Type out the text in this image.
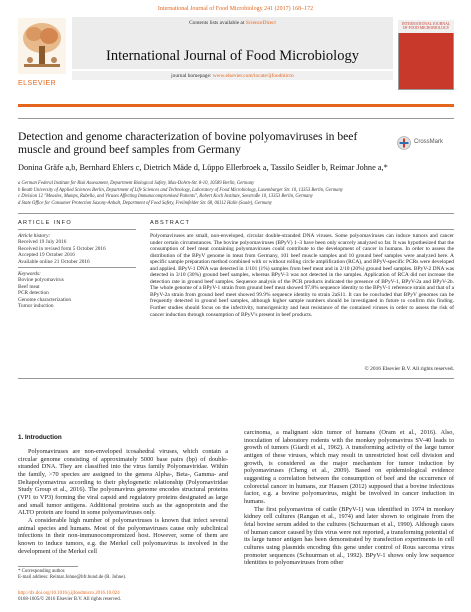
International Journal of Food Microbiology 241 (2017) 168–172
Contents lists available at ScienceDirect
International Journal of Food Microbiology
journal homepage: www.elsevier.com/locate/ijfoodmicro
ELSEVIER
INTERNATIONAL JOURNAL OF FOOD MICROBIOLOGY
Detection and genome characterization of bovine polyomaviruses in beef muscle and ground beef samples from Germany
CrossMark
Donina Gräfe a,b, Bernhard Ehlers c, Dietrich Mäde d, Lüppo Ellerbroek a, Tassilo Seidler b, Reimar Johne a,*
a German Federal Institute for Risk Assessment, Department Biological Safety, Max-Dohrn-Str. 8-10, 10589 Berlin, Germany
b Beuth University of Applied Sciences Berlin, Department of Life Sciences and Technology, Laboratory of Food Microbiology, Luxemburger Str. 10, 13353 Berlin, Germany
c Division 12 "Measles, Mumps, Rubella, and Viruses Affecting Immunocompromised Patients", Robert Koch Institute, Seestraße 10, 13353 Berlin, Germany
d State Office for Consumer Protection Saxony-Anhalt, Department of Food Safety, Freiimfelder Str. 68, 06112 Halle (Saale), Germany
ARTICLE INFO
Article history:
Received 19 July 2016
Received in revised form 5 October 2016
Accepted 19 October 2016
Available online 21 October 2016
Keywords:
Bovine polyomavirus
Beef meat
PCR detection
Genome characterization
Tumor induction
ABSTRACT
Polyomaviruses are small, non-enveloped, circular double-stranded DNA viruses. Some polyomaviruses can induce tumors and cancer under certain circumstances. The bovine polyomaviruses (BPyV) 1–3 have been only scarcely analyzed so far. It was hypothesized that the consumption of beef meat containing polyomaviruses could contribute to the development of cancer in humans. In order to assess the distribution of the BPyV genome in meat from Germany, 101 beef muscle samples and 10 ground beef samples were analyzed here. A specific sample preparation method combined with or without rolling circle amplification (RCA), and BPyV-specific PCRs were developed and applied. BPyV-1 DNA was detected in 1/101 (1%) samples from beef meat and in 2/10 (20%) ground beef samples. BPyV-2 DNA was detected in 3/10 (30%) ground beef samples, whereas BPyV-3 was not detected in the samples. Application of RCA did not increase the detection rate in ground beef samples. Sequence analysis of the PCR products indicated the presence of BPyV-1, BPyV-2a and BPyV-2b. The whole genome of a BPyV-1 strain from ground beef meat showed 97.8% sequence identity to the BPyV-1 reference strain and that of a BPyV-2a strain from ground beef meet showed 99.9% sequence identity to strain 2aS11. It can be concluded that BPyV genomes can be frequently detected in ground beef samples, although higher sample numbers should be investigated in future to confirm this finding. Further studies should focus on the infectivity, tumorigenicity and heat resistance of the contained viruses in order to assess the risk of cancer induction through consumption of BPyV's present in beef products.
© 2016 Elsevier B.V. All rights reserved.
1. Introduction

Polyomaviruses are non-enveloped icosahedral viruses, which contain a circular genome consisting of approximately 5000 base pairs (bp) of double-stranded DNA. They are classified into the virus family Polyomaviridae. Within the family, >70 species are assigned to the genera Alpha-, Beta-, Gamma- and Deltapolyomavirus according to their phylogenetic relationship (Polyomaviridae Study Group et al., 2016). The polyomavirus genome encodes structural proteins (VP1 to VP3) forming the viral capsid and regulatory proteins designated as large and small tumor antigens. Additional proteins such as the agnoprotein and the ALTO protein are found in some polyomaviruses only.

A considerable high number of polyomaviruses is known that infect several animal species and humans. Most of the polyomaviruses cause only subclinical infections in their non-immunocompromized host. However, some of them are known to induce tumors, e.g. the Merkel cell polyomavirus is involved in the development of the Merkel cell

carcinoma, a malignant skin tumor of humans (Oram et al., 2016). Also, inoculation of laboratory rodents with the monkey polyomavirus SV-40 leads to growth of tumors (Giardi et al., 1962). A transforming activity of the large tumor antigen of these viruses, which may result in unrestricted host cell division and growth, is considered as the major mechanism for tumor induction by polyomaviruses (Cheng et al., 2009). Based on epidemiological evidence suggesting a correlation between the consumption of beef and the occurrence of colorectal cancer in humans, zur Hausen (2012) supposed that a bovine infectious factor, e.g. a bovine polyomavirus, might be involved in cancer induction in humans.

The first polyomavirus of cattle (BPyV-1) was identified in 1974 in monkey kidney cell cultures (Rangan et al., 1974) and later shown to originate from the fetal bovine serum added to the cultures (Schuurman et al., 1990). Although cases of human cancer caused by this virus were not reported, a transforming potential of its large tumor antigen has been demonstrated by transfection experiments in cell cultures using plasmids encoding this gene under control of Rous sarcoma virus promoter sequences (Schuurman et al., 1992). BPyV-1 shows only low sequence identities to polyomaviruses from other

* Corresponding author.
E-mail address: Reimar.Johne@bfr.bund.de (R. Johne).
http://dx.doi.org/10.1016/j.ijfoodmicro.2016.10.024
0168-1605/© 2016 Elsevier B.V. All rights reserved.
